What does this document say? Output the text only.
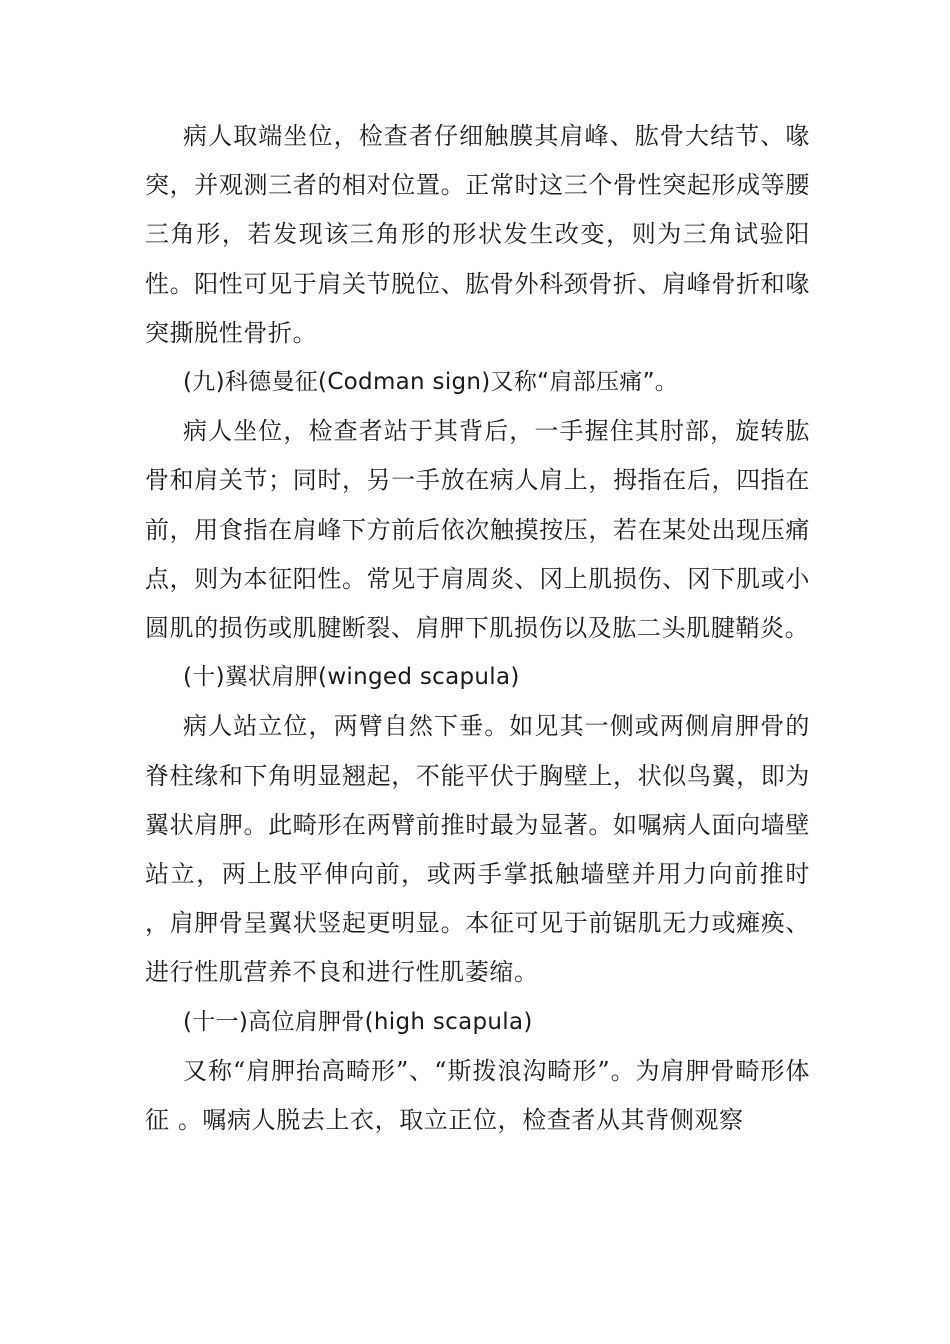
病人取端坐位，检查者仔细触膜其肩峰、肱骨大结节、喙突，并观测三者的相对位置。正常时这三个骨性突起形成等腰三角形，若发现该三角形的形状发生改变，则为三角试验阳性。阳性可见于肩关节脱位、肱骨外科颈骨折、肩峰骨折和喙突撕脱性骨折。

(九)科德曼征(Codman sign)又称“肩部压痛”。

病人坐位，检查者站于其背后，一手握住其肘部，旋转肱骨和肩关节；同时，另一手放在病人肩上，拇指在后，四指在前，用食指在肩峰下方前后依次触摸按压，若在某处出现压痛点，则为本征阳性。常见于肩周炎、冈上肌损伤、冈下肌或小圆肌的损伤或肌腱断裂、肩胛下肌损伤以及肱二头肌腱鞘炎。

(十)翼状肩胛(winged scapula)

病人站立位，两臂自然下垂。如见其一侧或两侧肩胛骨的脊柱缘和下角明显翘起，不能平伏于胸壁上，状似鸟翼，即为翼状肩胛。此畸形在两臂前推时最为显著。如嘱病人面向墙壁站立，两上肢平伸向前，或两手掌抵触墙壁并用力向前推时 ，肩胛骨呈翼状竖起更明显。本征可见于前锯肌无力或瘫痪、进行性肌营养不良和进行性肌萎缩。

(十一)高位肩胛骨(high scapula)

又称“肩胛抬高畸形”、“斯拨浪沟畸形”。为肩胛骨畸形体征 。嘱病人脱去上衣，取立正位，检查者从其背侧观察
